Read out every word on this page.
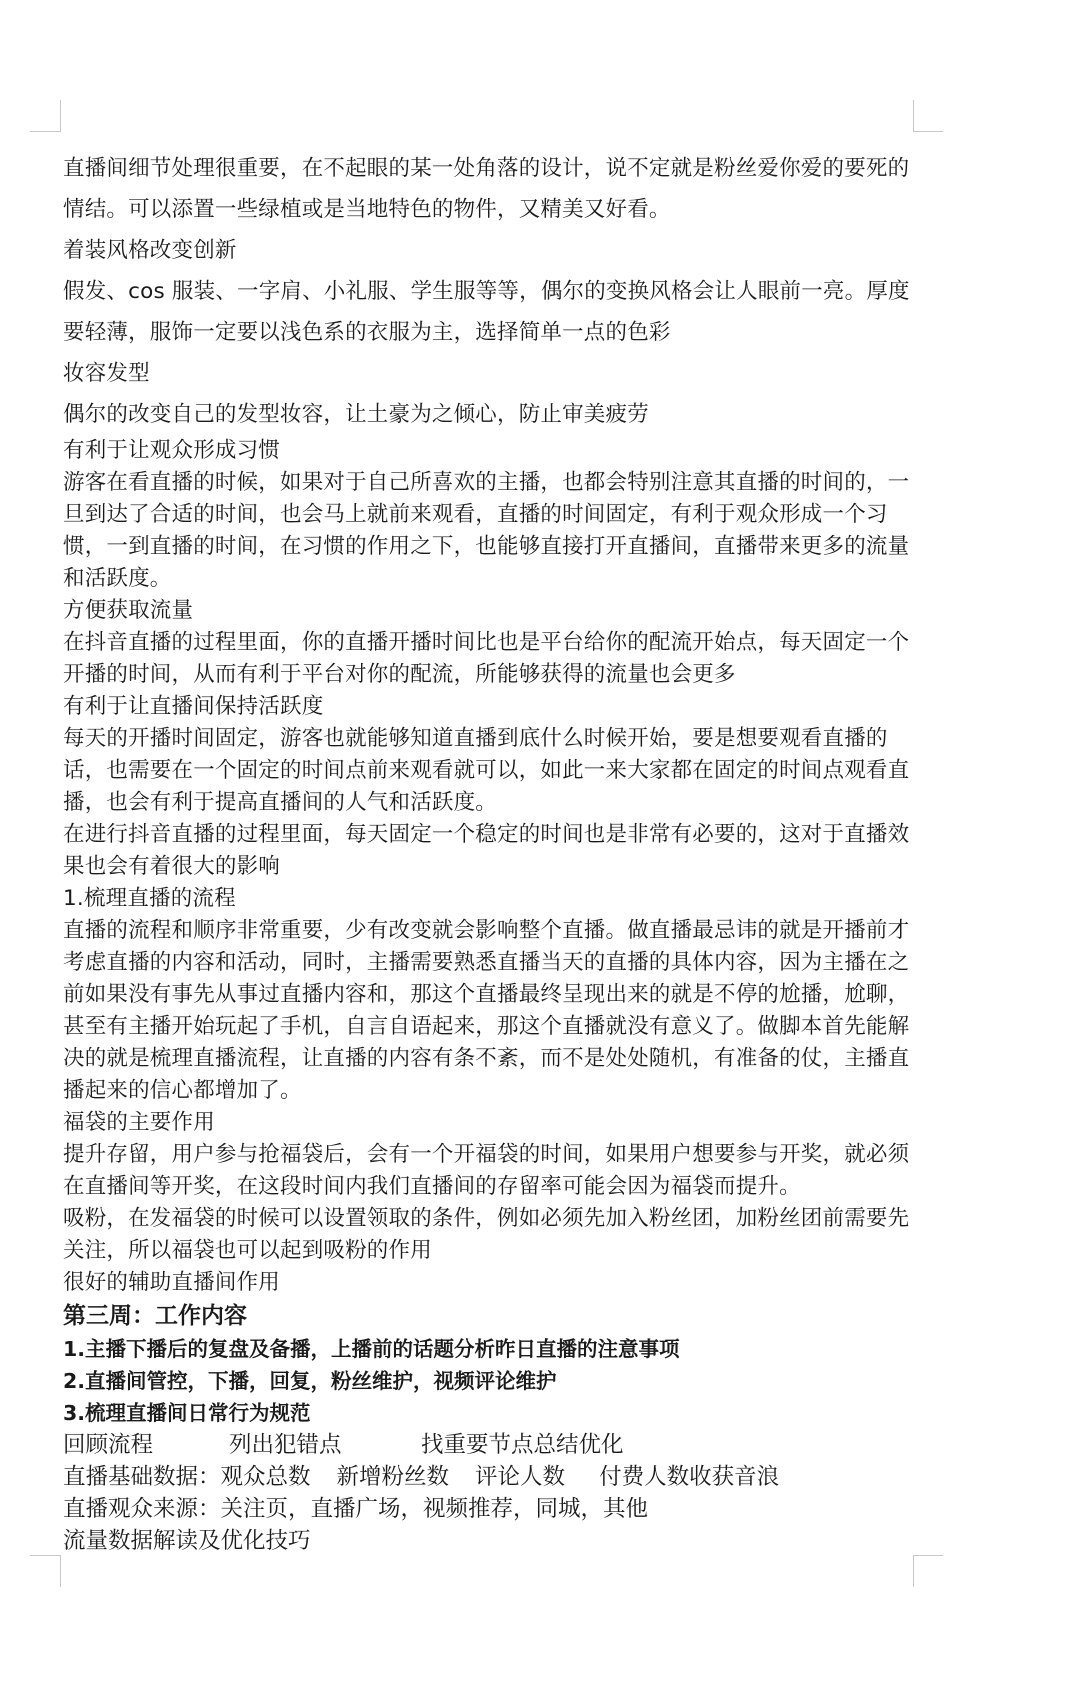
直播间细节处理很重要，在不起眼的某一处角落的设计，说不定就是粉丝爱你爱的要死的情结。可以添置一些绿植或是当地特色的物件，又精美又好看。

着装风格改变创新

假发、cos 服装、一字肩、小礼服、学生服等等，偶尔的变换风格会让人眼前一亮。厚度要轻薄，服饰一定要以浅色系的衣服为主，选择简单一点的色彩

妆容发型

偶尔的改变自己的发型妆容，让土豪为之倾心，防止审美疲劳

有利于让观众形成习惯

游客在看直播的时候，如果对于自己所喜欢的主播，也都会特别注意其直播的时间的，一旦到达了合适的时间，也会马上就前来观看，直播的时间固定，有利于观众形成一个习惯，一到直播的时间，在习惯的作用之下，也能够直接打开直播间，直播带来更多的流量和活跃度。

方便获取流量

在抖音直播的过程里面，你的直播开播时间比也是平台给你的配流开始点，每天固定一个开播的时间，从而有利于平台对你的配流，所能够获得的流量也会更多

有利于让直播间保持活跃度

每天的开播时间固定，游客也就能够知道直播到底什么时候开始，要是想要观看直播的话，也需要在一个固定的时间点前来观看就可以，如此一来大家都在固定的时间点观看直播，也会有利于提高直播间的人气和活跃度。

在进行抖音直播的过程里面，每天固定一个稳定的时间也是非常有必要的，这对于直播效果也会有着很大的影响

1.梳理直播的流程

直播的流程和顺序非常重要，少有改变就会影响整个直播。做直播最忌讳的就是开播前才考虑直播的内容和活动，同时，主播需要熟悉直播当天的直播的具体内容，因为主播在之前如果没有事先从事过直播内容和，那这个直播最终呈现出来的就是不停的尬播，尬聊，甚至有主播开始玩起了手机，自言自语起来，那这个直播就没有意义了。做脚本首先能解决的就是梳理直播流程，让直播的内容有条不紊，而不是处处随机，有准备的仗，主播直播起来的信心都增加了。

福袋的主要作用

提升存留，用户参与抢福袋后，会有一个开福袋的时间，如果用户想要参与开奖，就必须在直播间等开奖，在这段时间内我们直播间的存留率可能会因为福袋而提升。

吸粉，在发福袋的时候可以设置领取的条件，例如必须先加入粉丝团，加粉丝团前需要先关注，所以福袋也可以起到吸粉的作用

很好的辅助直播间作用

第三周：工作内容
1.主播下播后的复盘及备播，上播前的话题分析昨日直播的注意事项
2.直播间管控，下播，回复，粉丝维护，视频评论维护
3.梳理直播间日常行为规范
回顾流程	列出犯错点	找重要节点总结优化
直播基础数据： 观众总数 新增粉丝数 评论人数 付费人数收获音浪
直播观众来源：关注页，直播广场，视频推荐，同城，其他
流量数据解读及优化技巧
